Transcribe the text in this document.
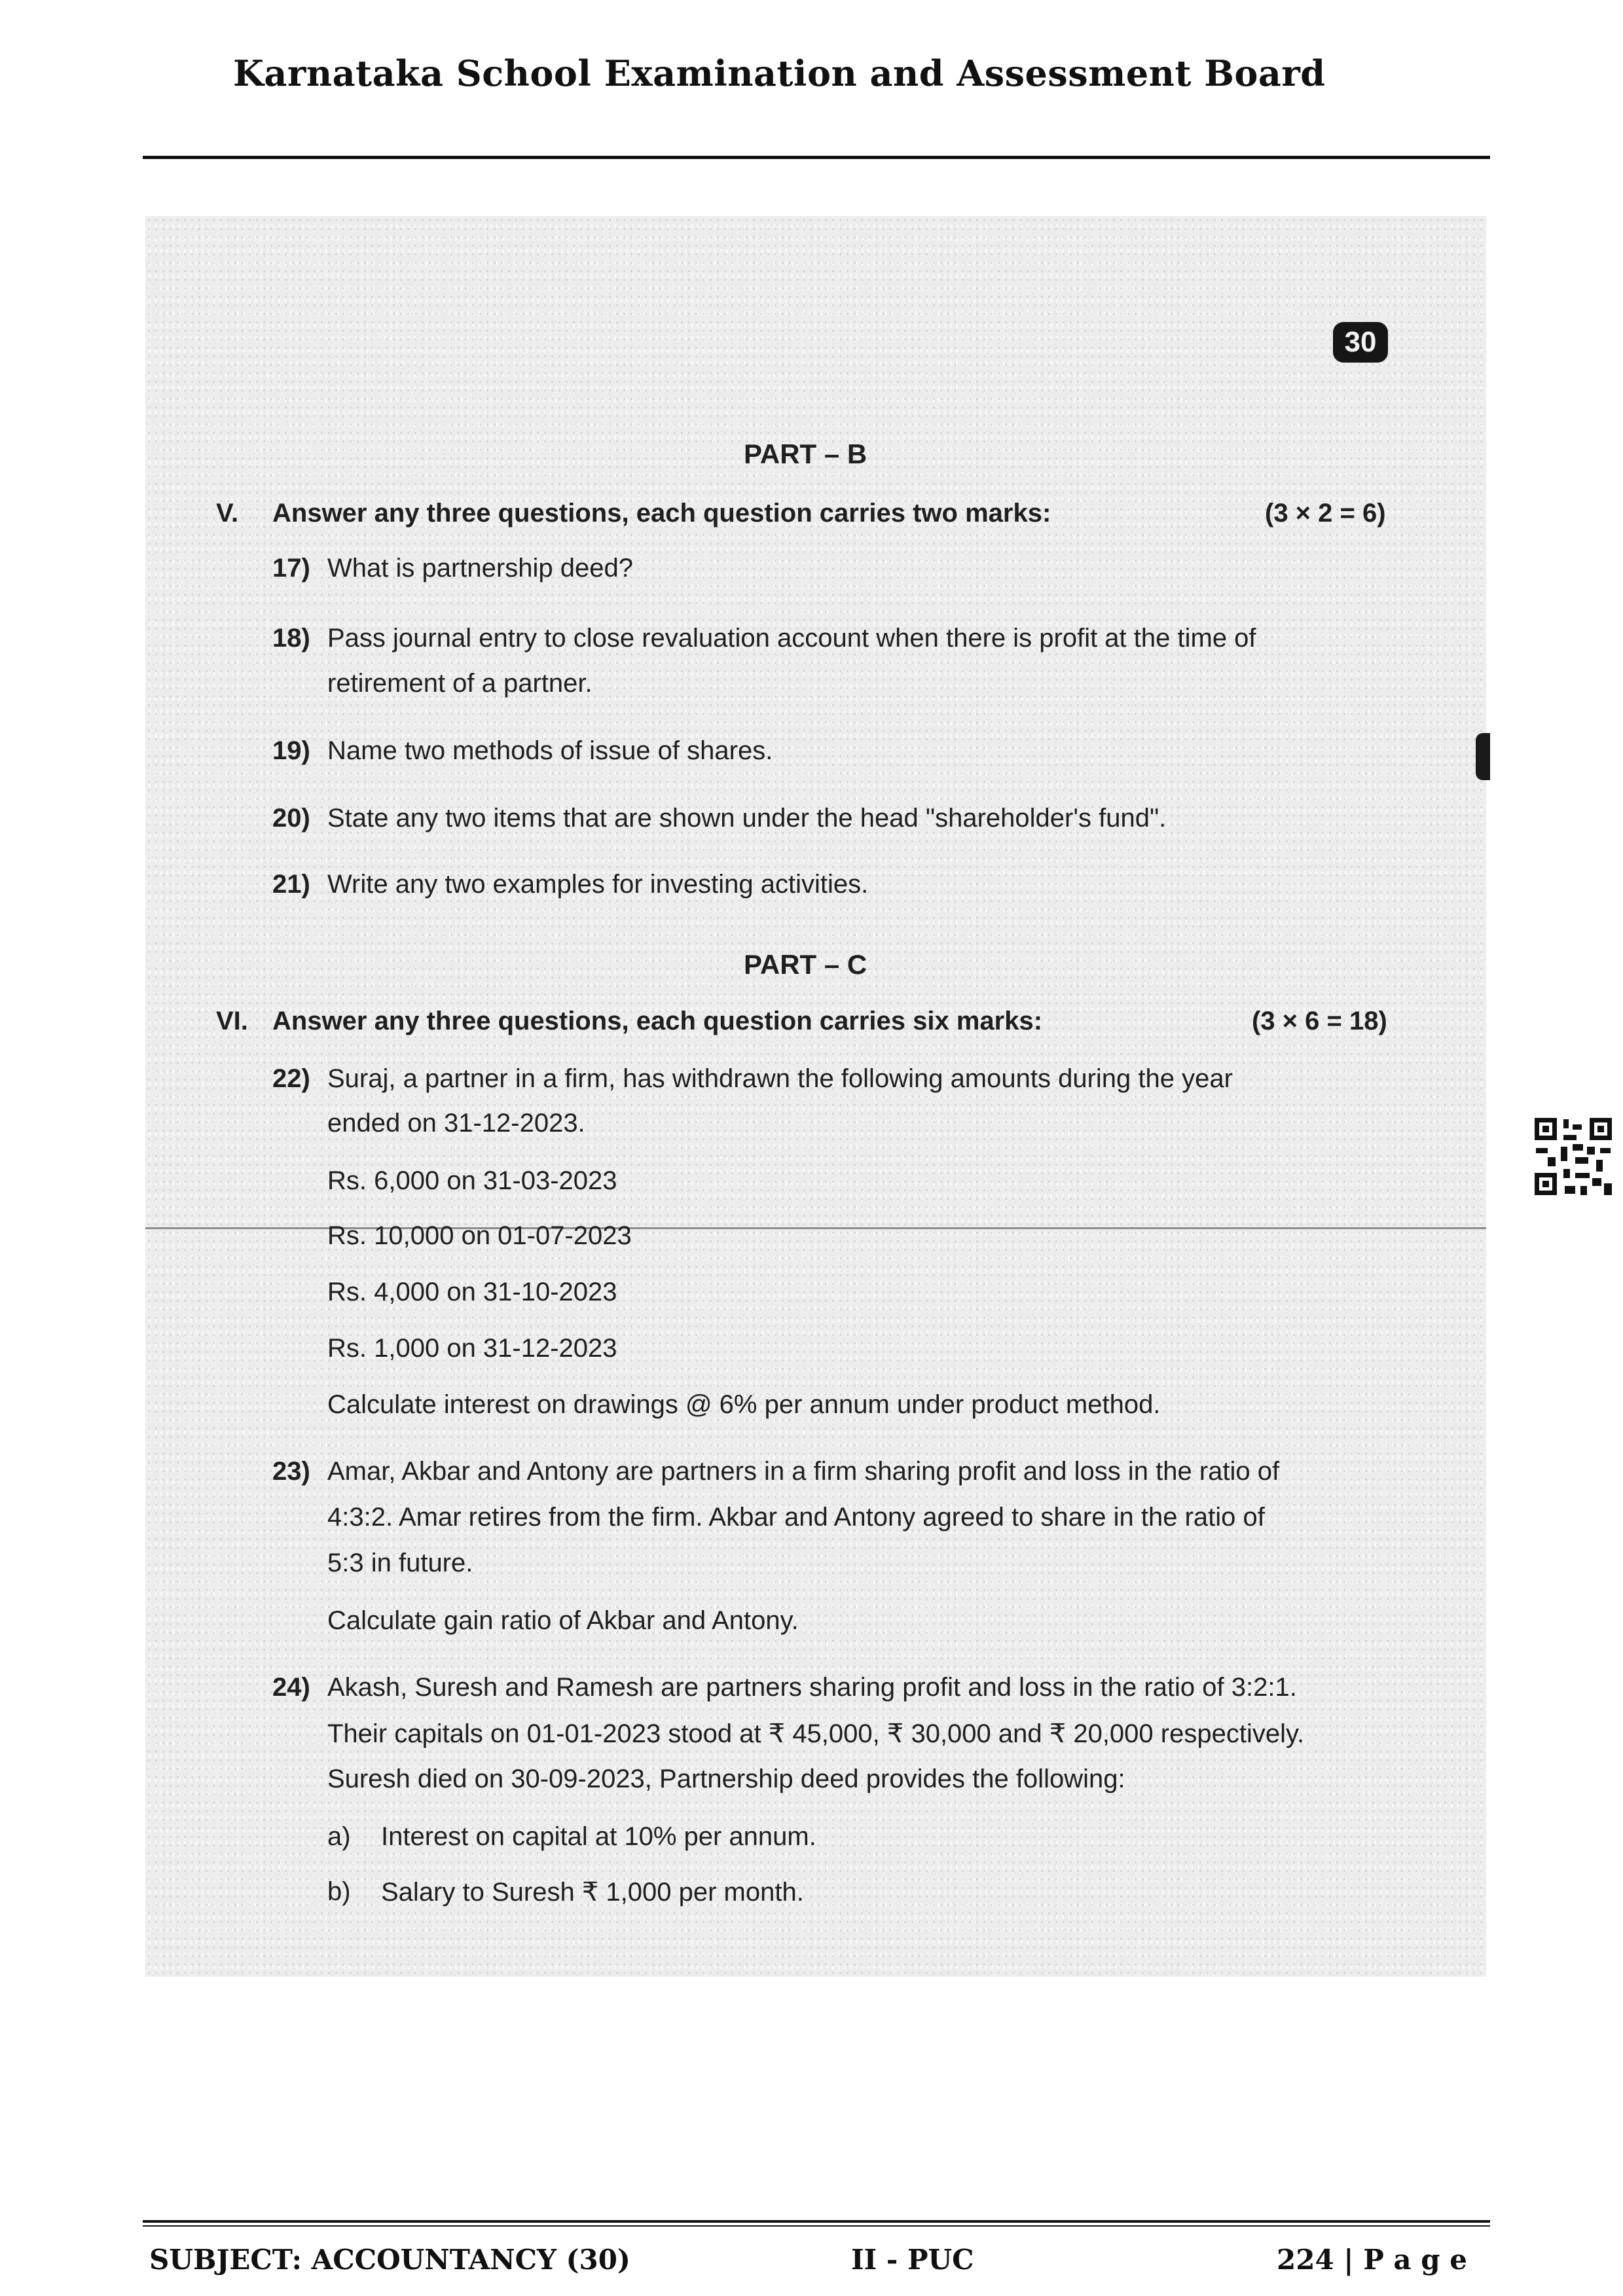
Karnataka School Examination and Assessment Board
30
PART – B
V. Answer any three questions, each question carries two marks:	(3 × 2 = 6)
17) What is partnership deed?
18) Pass journal entry to close revaluation account when there is profit at the time of
retirement of a partner.
19) Name two methods of issue of shares.
20) State any two items that are shown under the head "shareholder's fund".
21) Write any two examples for investing activities.
PART – C
VI. Answer any three questions, each question carries six marks:	(3 × 6 = 18)
22) Suraj, a partner in a firm, has withdrawn the following amounts during the year
ended on 31-12-2023.
Rs. 6,000 on 31-03-2023
Rs. 10,000 on 01-07-2023
Rs. 4,000 on 31-10-2023
Rs. 1,000 on 31-12-2023
Calculate interest on drawings @ 6% per annum under product method.
23) Amar, Akbar and Antony are partners in a firm sharing profit and loss in the ratio of
4:3:2. Amar retires from the firm. Akbar and Antony agreed to share in the ratio of
5:3 in future.
Calculate gain ratio of Akbar and Antony.
24) Akash, Suresh and Ramesh are partners sharing profit and loss in the ratio of 3:2:1.
Their capitals on 01-01-2023 stood at ₹ 45,000, ₹ 30,000 and ₹ 20,000 respectively.
Suresh died on 30-09-2023, Partnership deed provides the following:
a) Interest on capital at 10% per annum.
b) Salary to Suresh ₹ 1,000 per month.
SUBJECT: ACCOUNTANCY (30)	II - PUC	224 | P a g e
